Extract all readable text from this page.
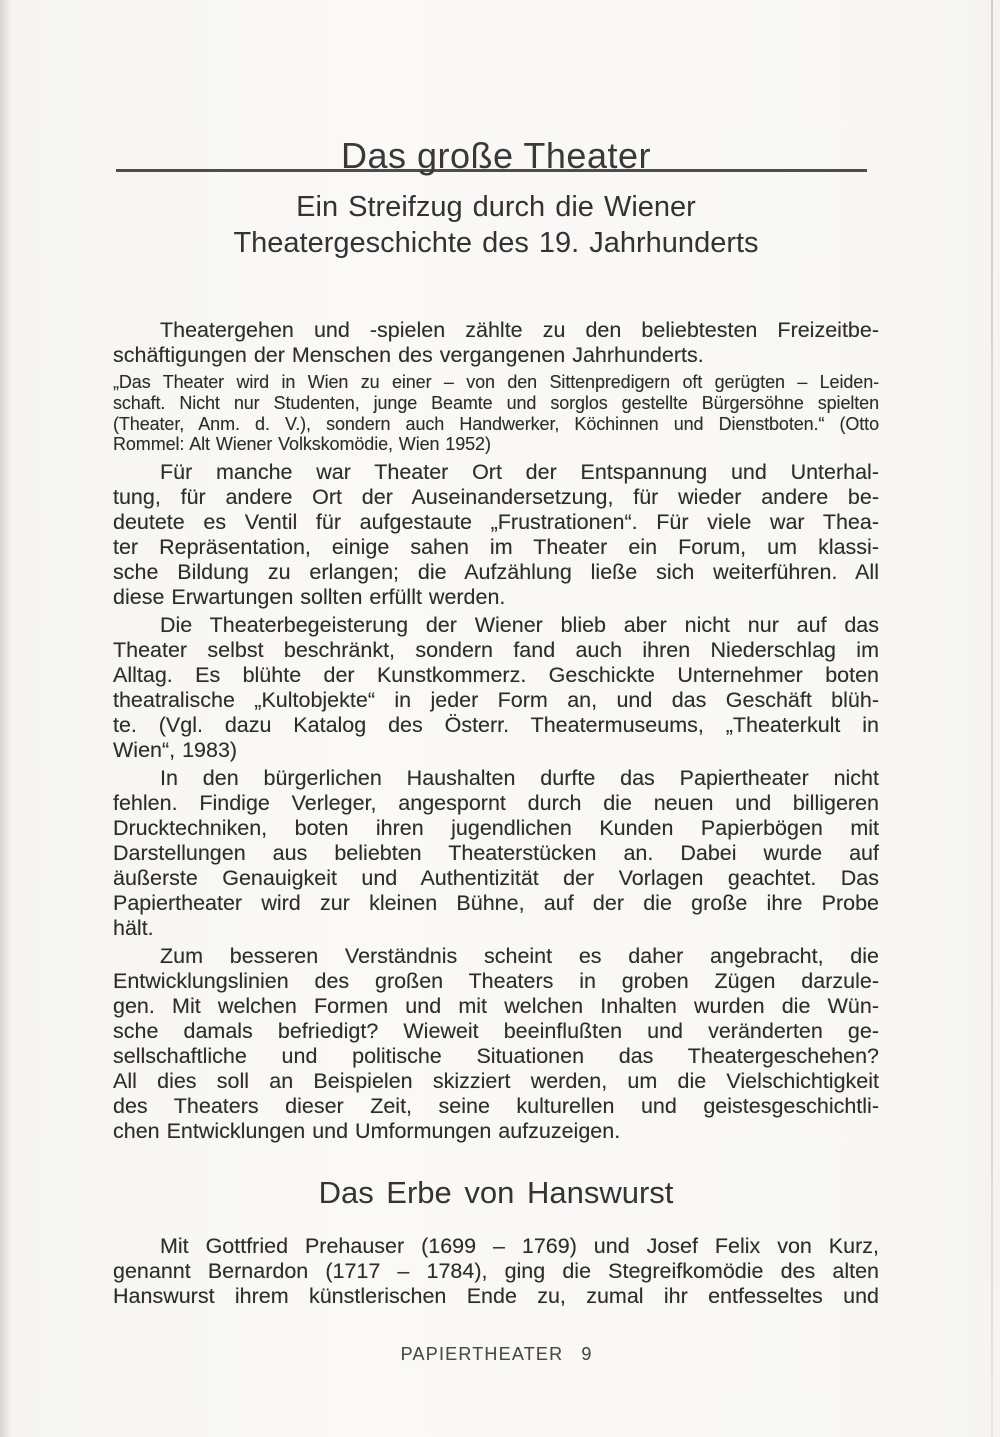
Das große Theater
Ein Streifzug durch die Wiener
Theatergeschichte des 19. Jahrhunderts
Theatergehen und -spielen zählte zu den beliebtesten Freizeitbe-
schäftigungen der Menschen des vergangenen Jahrhunderts.
„Das Theater wird in Wien zu einer – von den Sittenpredigern oft gerügten – Leiden-
schaft. Nicht nur Studenten, junge Beamte und sorglos gestellte Bürgersöhne spielten
(Theater, Anm. d. V.), sondern auch Handwerker, Köchinnen und Dienstboten.“ (Otto
Rommel: Alt Wiener Volkskomödie, Wien 1952)
Für manche war Theater Ort der Entspannung und Unterhal-
tung, für andere Ort der Auseinandersetzung, für wieder andere be-
deutete es Ventil für aufgestaute „Frustrationen“. Für viele war Thea-
ter Repräsentation, einige sahen im Theater ein Forum, um klassi-
sche Bildung zu erlangen; die Aufzählung ließe sich weiterführen. All
diese Erwartungen sollten erfüllt werden.
Die Theaterbegeisterung der Wiener blieb aber nicht nur auf das
Theater selbst beschränkt, sondern fand auch ihren Niederschlag im
Alltag. Es blühte der Kunstkommerz. Geschickte Unternehmer boten
theatralische „Kultobjekte“ in jeder Form an, und das Geschäft blüh-
te. (Vgl. dazu Katalog des Österr. Theatermuseums, „Theaterkult in
Wien“, 1983)
In den bürgerlichen Haushalten durfte das Papiertheater nicht
fehlen. Findige Verleger, angespornt durch die neuen und billigeren
Drucktechniken, boten ihren jugendlichen Kunden Papierbögen mit
Darstellungen aus beliebten Theaterstücken an. Dabei wurde auf
äußerste Genauigkeit und Authentizität der Vorlagen geachtet. Das
Papiertheater wird zur kleinen Bühne, auf der die große ihre Probe
hält.
Zum besseren Verständnis scheint es daher angebracht, die
Entwicklungslinien des großen Theaters in groben Zügen darzule-
gen. Mit welchen Formen und mit welchen Inhalten wurden die Wün-
sche damals befriedigt? Wieweit beeinflußten und veränderten ge-
sellschaftliche und politische Situationen das Theatergeschehen?
All dies soll an Beispielen skizziert werden, um die Vielschichtigkeit
des Theaters dieser Zeit, seine kulturellen und geistesgeschichtli-
chen Entwicklungen und Umformungen aufzuzeigen.
Das Erbe von Hanswurst
Mit Gottfried Prehauser (1699 – 1769) und Josef Felix von Kurz,
genannt Bernardon (1717 – 1784), ging die Stegreifkomödie des alten
Hanswurst ihrem künstlerischen Ende zu, zumal ihr entfesseltes und
PAPIERTHEATER 9
